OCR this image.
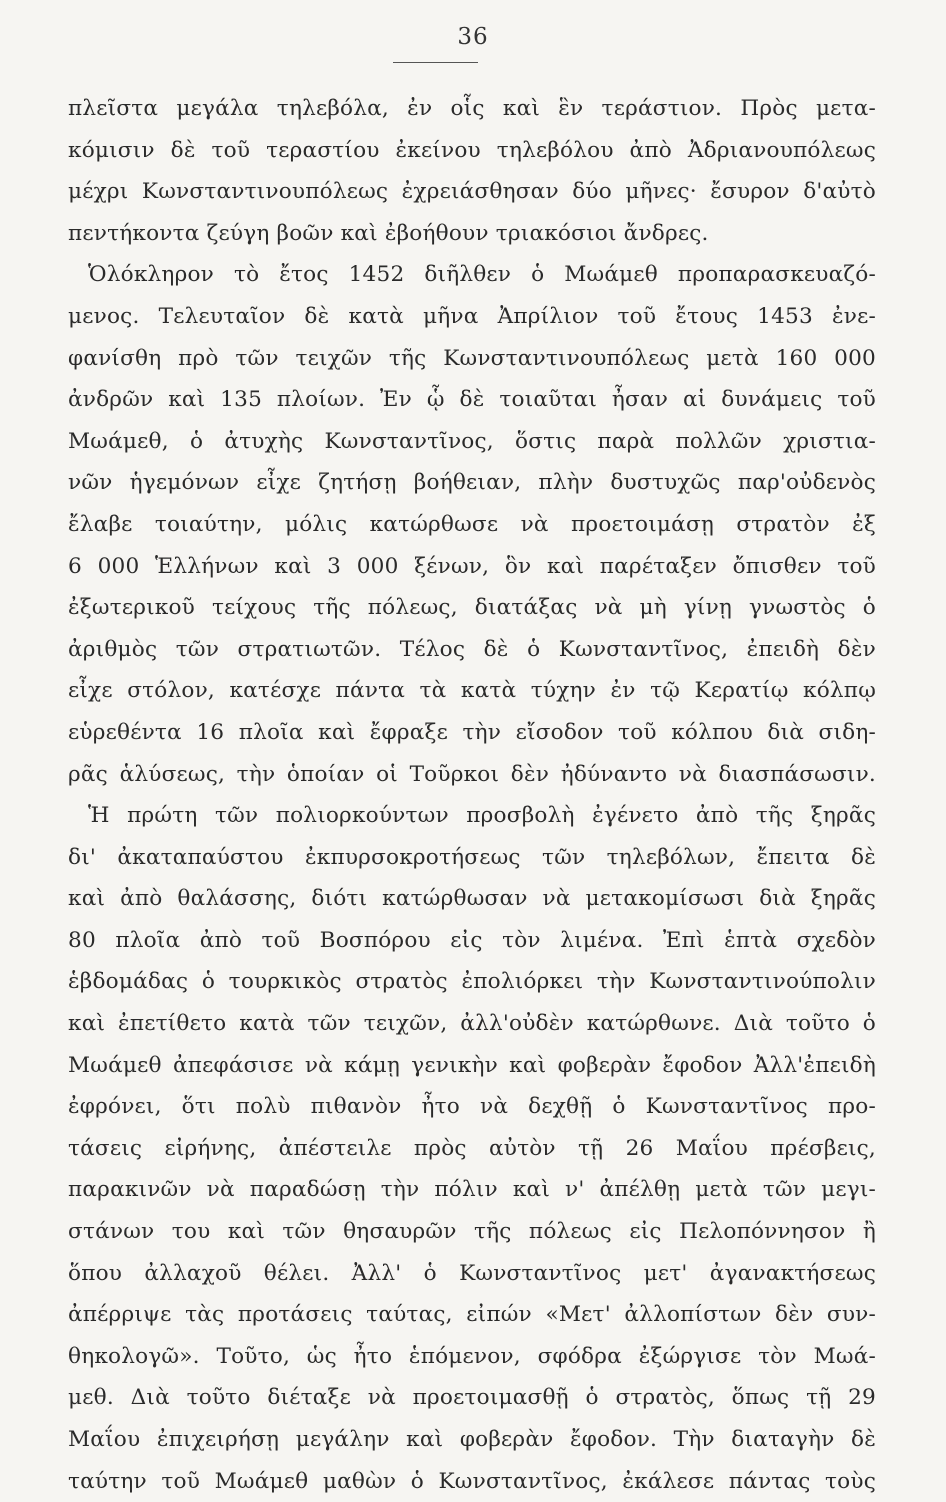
36
πλεῖστα μεγάλα τηλεβόλα, ἐν οἷς καὶ ἓν τεράστιον. Πρὸς μετα-
κόμισιν δὲ τοῦ τεραστίου ἐκείνου τηλεβόλου ἀπὸ Ἀδριανουπόλεως
μέχρι Κωνσταντινουπόλεως ἐχρειάσθησαν δύο μῆνες· ἔσυρον δ'αὐτὸ
πεντήκοντα ζεύγη βοῶν καὶ ἐβοήθουν τριακόσιοι ἄνδρες.
Ὁλόκληρον τὸ ἔτος 1452 διῆλθεν ὁ Μωάμεθ προπαρασκευαζό-
μενος. Τελευταῖον δὲ κατὰ μῆνα Ἀπρίλιον τοῦ ἔτους 1453 ἐνε-
φανίσθη πρὸ τῶν τειχῶν τῆς Κωνσταντινουπόλεως μετὰ 160 000
ἀνδρῶν καὶ 135 πλοίων. Ἐν ᾧ δὲ τοιαῦται ἦσαν αἱ δυνάμεις τοῦ
Μωάμεθ, ὁ ἀτυχὴς Κωνσταντῖνος, ὅστις παρὰ πολλῶν χριστια-
νῶν ἡγεμόνων εἶχε ζητήσῃ βοήθειαν, πλὴν δυστυχῶς παρ'οὐδενὸς
ἔλαβε τοιαύτην, μόλις κατώρθωσε νὰ προετοιμάσῃ στρατὸν ἐξ
6 000 Ἑλλήνων καὶ 3 000 ξένων, ὃν καὶ παρέταξεν ὄπισθεν τοῦ
ἐξωτερικοῦ τείχους τῆς πόλεως, διατάξας νὰ μὴ γίνῃ γνωστὸς ὁ
ἀριθμὸς τῶν στρατιωτῶν. Τέλος δὲ ὁ Κωνσταντῖνος, ἐπειδὴ δὲν
εἶχε στόλον, κατέσχε πάντα τὰ κατὰ τύχην ἐν τῷ Κερατίῳ κόλπῳ
εὑρεθέντα 16 πλοῖα καὶ ἔφραξε τὴν εἴσοδον τοῦ κόλπου διὰ σιδη-
ρᾶς ἁλύσεως, τὴν ὁποίαν οἱ Τοῦρκοι δὲν ἠδύναντο νὰ διασπάσωσιν.
Ἡ πρώτη τῶν πολιορκούντων προσβολὴ ἐγένετο ἀπὸ τῆς ξηρᾶς
δι' ἀκαταπαύστου ἐκπυρσοκροτήσεως τῶν τηλεβόλων, ἔπειτα δὲ
καὶ ἀπὸ θαλάσσης, διότι κατώρθωσαν νὰ μετακομίσωσι διὰ ξηρᾶς
80 πλοῖα ἀπὸ τοῦ Βοσπόρου εἰς τὸν λιμένα. Ἐπὶ ἑπτὰ σχεδὸν
ἑβδομάδας ὁ τουρκικὸς στρατὸς ἐπολιόρκει τὴν Κωνσταντινούπολιν
καὶ ἐπετίθετο κατὰ τῶν τειχῶν, ἀλλ'οὐδὲν κατώρθωνε. Διὰ τοῦτο ὁ
Μωάμεθ ἀπεφάσισε νὰ κάμῃ γενικὴν καὶ φοβερὰν ἔφοδον Ἀλλ'ἐπειδὴ
ἐφρόνει, ὅτι πολὺ πιθανὸν ἦτο νὰ δεχθῇ ὁ Κωνσταντῖνος προ-
τάσεις εἰρήνης, ἀπέστειλε πρὸς αὐτὸν τῇ 26 Μαΐου πρέσβεις,
παρακινῶν νὰ παραδώσῃ τὴν πόλιν καὶ ν' ἀπέλθῃ μετὰ τῶν μεγι-
στάνων του καὶ τῶν θησαυρῶν τῆς πόλεως εἰς Πελοπόννησον ἢ
ὅπου ἀλλαχοῦ θέλει. Ἀλλ' ὁ Κωνσταντῖνος μετ' ἀγανακτήσεως
ἀπέρριψε τὰς προτάσεις ταύτας, εἰπών «Μετ' ἀλλοπίστων δὲν συν-
θηκολογῶ». Τοῦτο, ὡς ἦτο ἑπόμενον, σφόδρα ἐξώργισε τὸν Μωά-
μεθ. Διὰ τοῦτο διέταξε νὰ προετοιμασθῇ ὁ στρατὸς, ὅπως τῇ 29
Μαΐου ἐπιχειρήσῃ μεγάλην καὶ φοβερὰν ἔφοδον. Τὴν διαταγὴν δὲ
ταύτην τοῦ Μωάμεθ μαθὼν ὁ Κωνσταντῖνος, ἐκάλεσε πάντας τοὺς
